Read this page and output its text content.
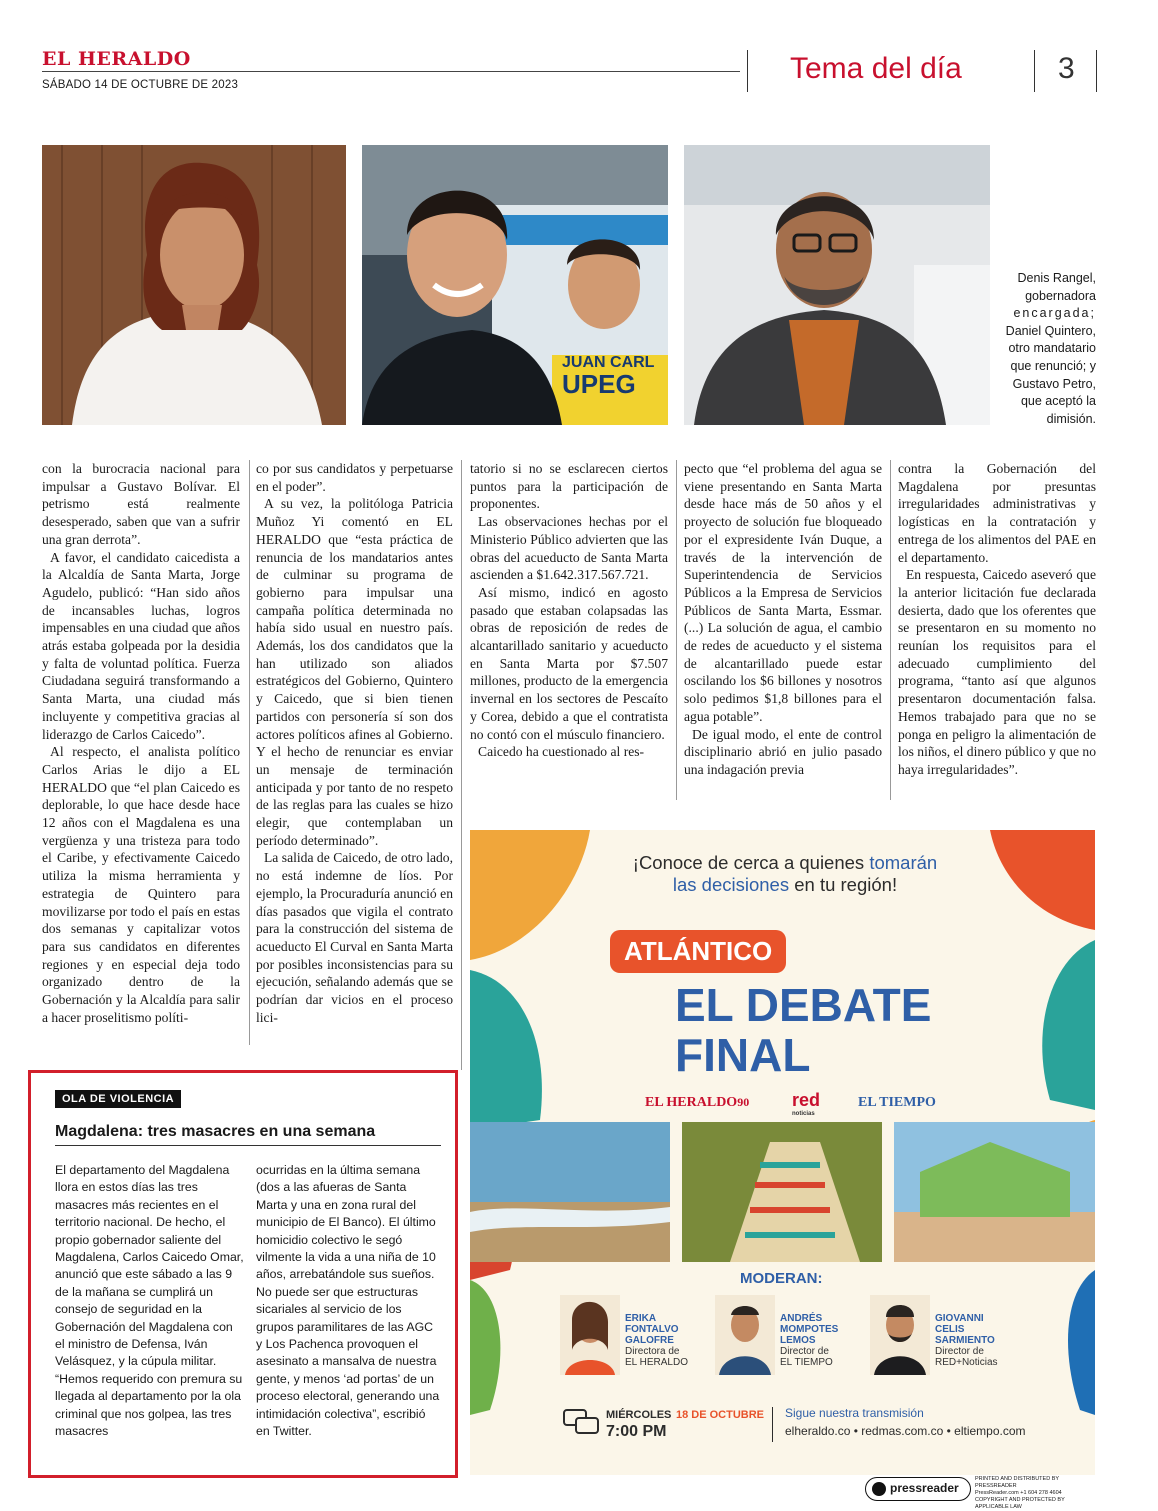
EL HERALDO
SÁBADO 14 DE OCTUBRE DE 2023	Tema del día	3
UPEG
JUAN CARL
Denis Rangel,
gobernadora
encargada;
Daniel Quintero,
otro mandatario
que renunció; y
Gustavo Petro,
que aceptó la
dimisión.

con la burocracia nacional para impulsar a Gustavo Bolívar. El petrismo está realmente desesperado, saben que van a sufrir una gran derrota”.

A favor, el candidato caicedista a la Alcaldía de Santa Marta, Jorge Agudelo, publicó: “Han sido años de incansables luchas, logros impensables en una ciudad que años atrás estaba golpeada por la desidia y falta de voluntad política. Fuerza Ciudadana seguirá transformando a Santa Marta, una ciudad más incluyente y competitiva gracias al liderazgo de Carlos Caicedo”.

Al respecto, el analista político Carlos Arias le dijo a EL HERALDO que “el plan Caicedo es deplorable, lo que hace desde hace 12 años con el Magdalena es una vergüenza y una tristeza para todo el Caribe, y efectivamente Caicedo utiliza la misma herramienta y estrategia de Quintero para movilizarse por todo el país en estas dos semanas y capitalizar votos para sus candidatos en diferentes regiones y en especial deja todo organizado dentro de la Gobernación y la Alcaldía para salir a hacer proselitismo políti-

co por sus candidatos y perpetuarse en el poder”.

A su vez, la politóloga Patricia Muñoz Yi comentó en EL HERALDO que “esta práctica de renuncia de los mandatarios antes de culminar su programa de gobierno para impulsar una campaña política determinada no había sido usual en nuestro país. Además, los dos candidatos que la han utilizado son aliados estratégicos del Gobierno, Quintero y Caicedo, que si bien tienen partidos con personería sí son dos actores políticos afines al Gobierno. Y el hecho de renunciar es enviar un mensaje de terminación anticipada y por tanto de no respeto de las reglas para las cuales se hizo elegir, que contemplaban un período determinado”.

La salida de Caicedo, de otro lado, no está indemne de líos. Por ejemplo, la Procuraduría anunció en días pasados que vigila el contrato para la construcción del sistema de acueducto El Curval en Santa Marta por posibles inconsistencias para su ejecución, señalando además que se podrían dar vicios en el proceso lici-

tatorio si no se esclarecen ciertos puntos para la participación de proponentes.

Las observaciones hechas por el Ministerio Público advierten que las obras del acueducto de Santa Marta ascienden a $1.642.317.567.721.

Así mismo, indicó en agosto pasado que estaban colapsadas las obras de reposición de redes de alcantarillado sanitario y acueducto en Santa Marta por $7.507 millones, producto de la emergencia invernal en los sectores de Pescaíto y Corea, debido a que el contratista no contó con el músculo financiero.

Caicedo ha cuestionado al res-

pecto que “el problema del agua se viene presentando en Santa Marta desde hace más de 50 años y el proyecto de solución fue bloqueado por el expresidente Iván Duque, a través de la intervención de Superintendencia de Servicios Públicos a la Empresa de Servicios Públicos de Santa Marta, Essmar. (...) La solución de agua, el cambio de redes de acueducto y el sistema de alcantarillado puede estar oscilando los $6 billones y nosotros solo pedimos $1,8 billones para el agua potable”.

De igual modo, el ente de control disciplinario abrió en julio pasado una indagación previa

contra la Gobernación del Magdalena por presuntas irregularidades administrativas y logísticas en la contratación y entrega de los alimentos del PAE en el departamento.

En respuesta, Caicedo aseveró que la anterior licitación fue declarada desierta, dado que los oferentes que se presentaron en su momento no reunían los requisitos para el adecuado cumplimiento del programa, “tanto así que algunos presentaron documentación falsa. Hemos trabajado para que no se ponga en peligro la alimentación de los niños, el dinero público y que no haya irregularidades”.

OLA DE VIOLENCIA
Magdalena: tres masacres en una semana
El departamento del Magdalena llora en estos días las tres masacres más recientes en el territorio nacional. De hecho, el propio gobernador saliente del Magdalena, Carlos Caicedo Omar, anunció que este sábado a las 9 de la mañana se cumplirá un consejo de seguridad en la Gobernación del Magdalena con el ministro de Defensa, Iván Velásquez, y la cúpula militar. “Hemos requerido con premura su llegada al departamento por la ola criminal que nos golpea, las tres masacres
ocurridas en la última semana (dos a las afueras de Santa Marta y una en zona rural del municipio de El Banco). El último homicidio colectivo le segó vilmente la vida a una niña de 10 años, arrebatándole sus sueños. No puede ser que estructuras sicariales al servicio de los grupos paramilitares de las AGC y Los Pachenca provoquen el asesinato a mansalva de nuestra gente, y menos ‘ad portas’ de un proceso electoral, generando una intimidación colectiva”, escribió en Twitter.
¡Conoce de cerca a quienes tomarán
las decisiones en tu región!
ATLÁNTICO
EL DEBATE
FINAL
EL HERALDO90 red
noticias
EL TIEMPO
MODERAN:
ERIKA
FONTALVO
GALOFRE
Directora de
EL HERALDO
ANDRÉS
MOMPOTES
LEMOS
Director de
EL TIEMPO
GIOVANNI
CELIS
SARMIENTO
Director de
RED+Noticias
MIÉRCOLES 18 DE OCTUBRE
7:00 PM
Sigue nuestra transmisión
elheraldo.co • redmas.com.co • eltiempo.com
pressreader
PRINTED AND DISTRIBUTED BY PRESSREADER
PressReader.com +1 604 278 4604
COPYRIGHT AND PROTECTED BY APPLICABLE LAW
